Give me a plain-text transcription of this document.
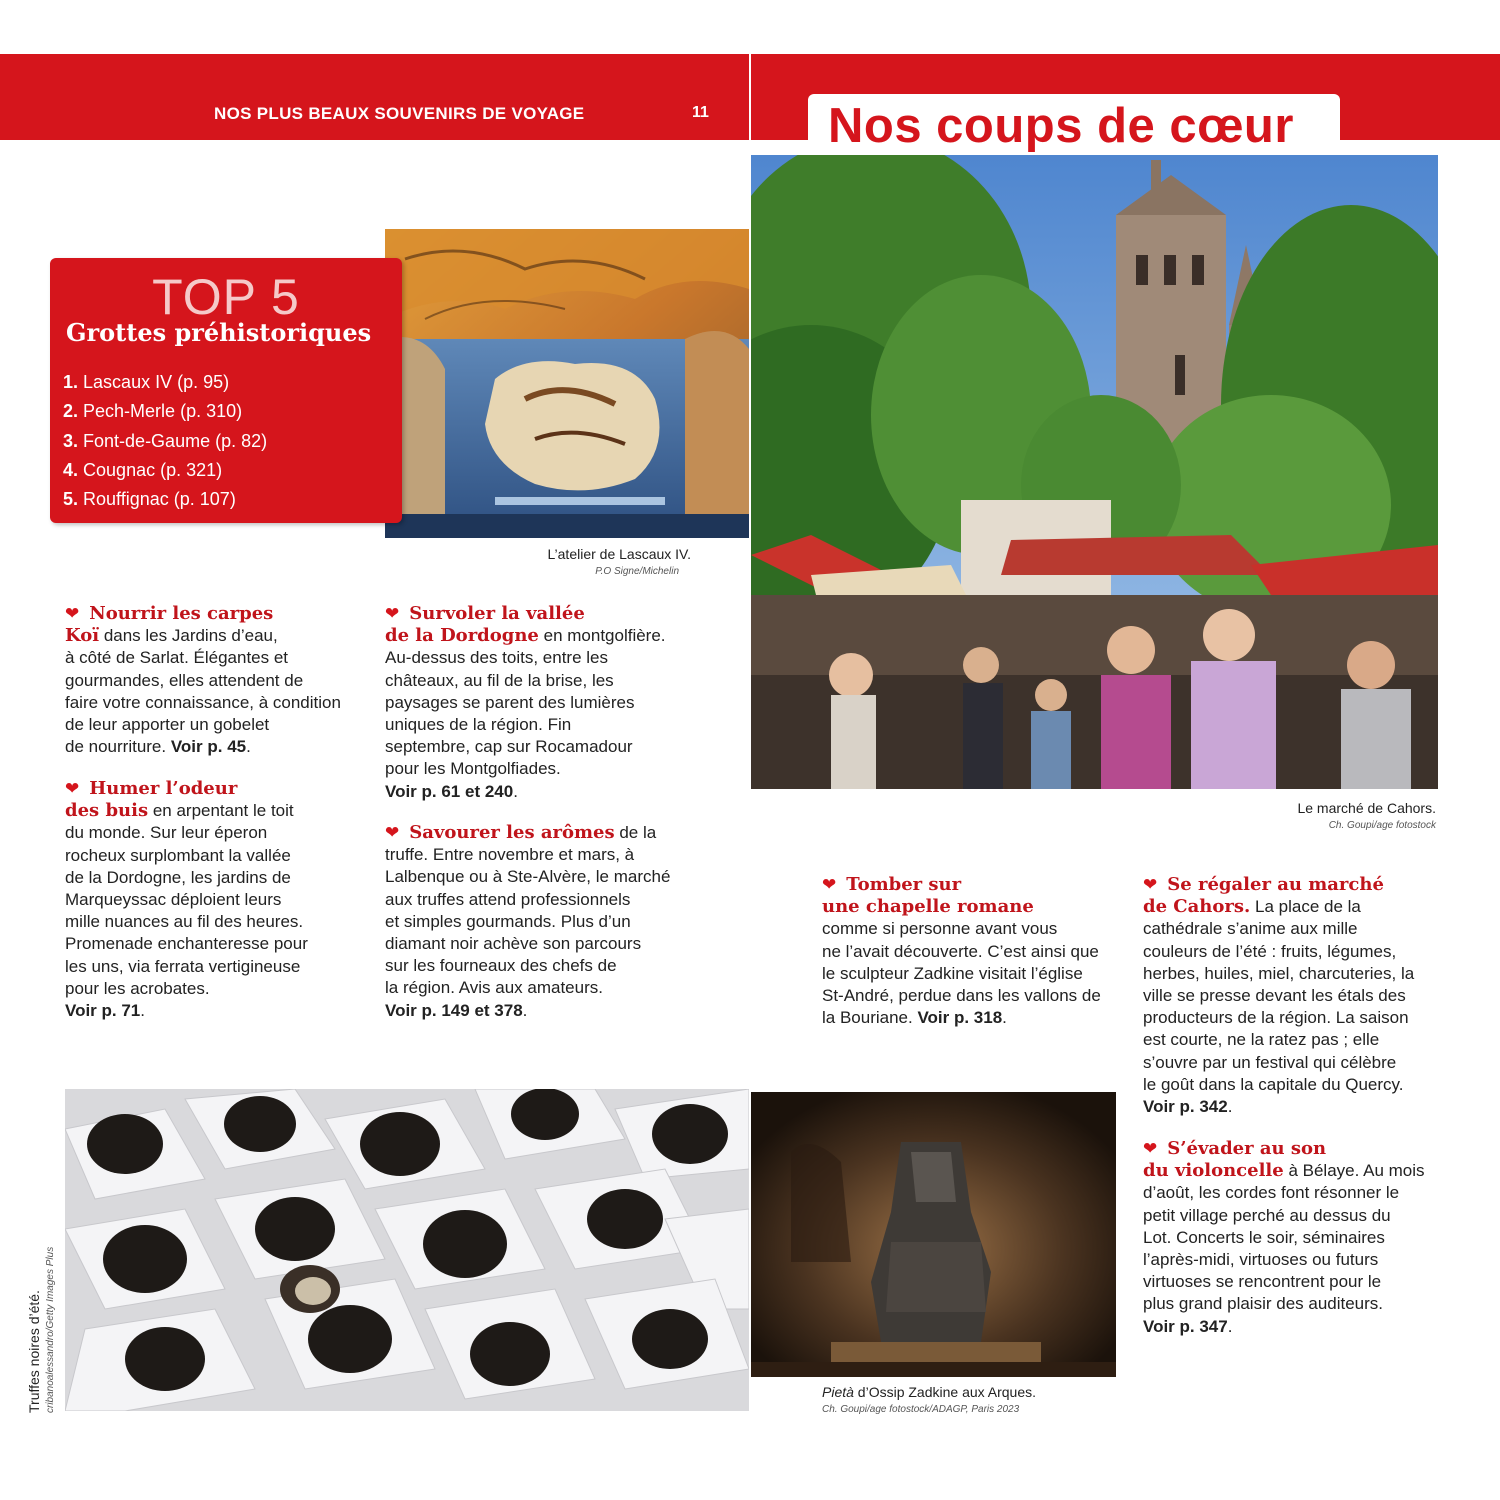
NOS PLUS BEAUX SOUVENIRS DE VOYAGE	11 Nos coups de cœur
TOP 5
Grottes préhistoriques
1. Lascaux IV (p. 95)
2. Pech-Merle (p. 310)
3. Font-de-Gaume (p. 82)
4. Cougnac (p. 321)
5. Rouffignac (p. 107)
L’atelier de Lascaux IV.
P.O Signe/Michelin
Le marché de Cahors.
Ch. Goupi/age fotostock
❤ Nourrir les carpes
Koï dans les Jardins d’eau,
à côté de Sarlat. Élégantes et
gourmandes, elles attendent de
faire votre connaissance, à condition
de leur apporter un gobelet
de nourriture. Voir p. 45.
❤ Humer l’odeur
des buis en arpentant le toit
du monde. Sur leur éperon
rocheux surplombant la vallée
de la Dordogne, les jardins de
Marqueyssac déploient leurs
mille nuances au fil des heures.
Promenade enchanteresse pour
les uns, via ferrata vertigineuse
pour les acrobates.
Voir p. 71.
❤ Survoler la vallée
de la Dordogne en montgolfière.
Au-dessus des toits, entre les
châteaux, au fil de la brise, les
paysages se parent des lumières
uniques de la région. Fin
septembre, cap sur Rocamadour
pour les Montgolfiades.
Voir p. 61 et 240.
❤ Savourer les arômes de la
truffe. Entre novembre et mars, à
Lalbenque ou à Ste-Alvère, le marché
aux truffes attend professionnels
et simples gourmands. Plus d’un
diamant noir achève son parcours
sur les fourneaux des chefs de
la région. Avis aux amateurs.
Voir p. 149 et 378.
❤ Tomber sur
une chapelle romane
comme si personne avant vous
ne l’avait découverte. C’est ainsi que
le sculpteur Zadkine visitait l’église
St-André, perdue dans les vallons de
la Bouriane. Voir p. 318.
❤ Se régaler au marché
de Cahors. La place de la
cathédrale s’anime aux mille
couleurs de l’été : fruits, légumes,
herbes, huiles, miel, charcuteries, la
ville se presse devant les étals des
producteurs de la région. La saison
est courte, ne la ratez pas ; elle
s’ouvre par un festival qui célèbre
le goût dans la capitale du Quercy.
Voir p. 342.
❤ S’évader au son
du violoncelle à Bélaye. Au mois
d’août, les cordes font résonner le
petit village perché au dessus du
Lot. Concerts le soir, séminaires
l’après-midi, virtuoses ou futurs
virtuoses se rencontrent pour le
plus grand plaisir des auditeurs.
Voir p. 347.
Truffes noires d’été. cribanoalessandro/Getty Images Plus	Pietà d’Ossip Zadkine aux Arques.
Ch. Goupi/age fotostock/ADAGP, Paris 2023
